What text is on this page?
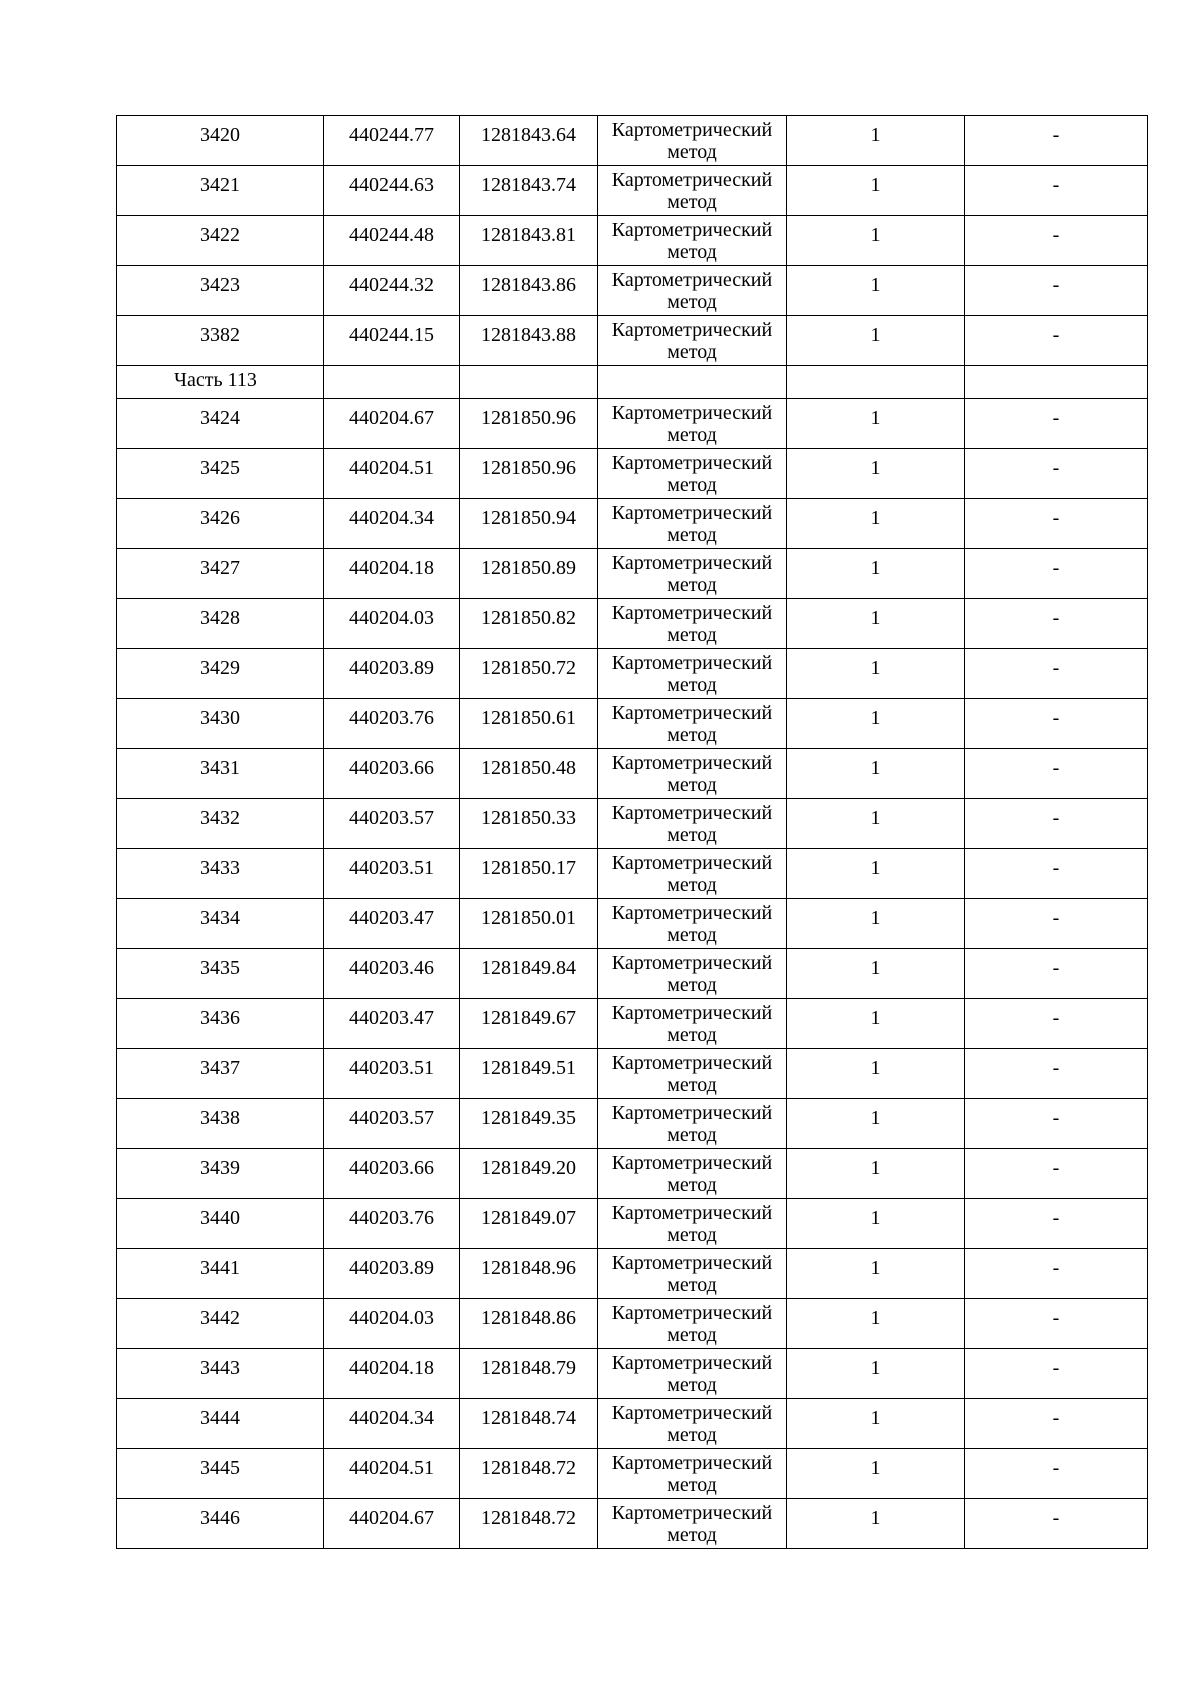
3420	440244.77	1281843.64	Картометрический
метод	1	-

3421	440244.63	1281843.74	Картометрический
метод	1	-

3422	440244.48	1281843.81	Картометрический
метод	1	-

3423	440244.32	1281843.86	Картометрический
метод	1	-

3382	440244.15	1281843.88	Картометрический
метод	1	-

Часть 113					

3424	440204.67	1281850.96	Картометрический
метод	1	-

3425	440204.51	1281850.96	Картометрический
метод	1	-

3426	440204.34	1281850.94	Картометрический
метод	1	-

3427	440204.18	1281850.89	Картометрический
метод	1	-

3428	440204.03	1281850.82	Картометрический
метод	1	-

3429	440203.89	1281850.72	Картометрический
метод	1	-

3430	440203.76	1281850.61	Картометрический
метод	1	-

3431	440203.66	1281850.48	Картометрический
метод	1	-

3432	440203.57	1281850.33	Картометрический
метод	1	-

3433	440203.51	1281850.17	Картометрический
метод	1	-

3434	440203.47	1281850.01	Картометрический
метод	1	-

3435	440203.46	1281849.84	Картометрический
метод	1	-

3436	440203.47	1281849.67	Картометрический
метод	1	-

3437	440203.51	1281849.51	Картометрический
метод	1	-

3438	440203.57	1281849.35	Картометрический
метод	1	-

3439	440203.66	1281849.20	Картометрический
метод	1	-

3440	440203.76	1281849.07	Картометрический
метод	1	-

3441	440203.89	1281848.96	Картометрический
метод	1	-

3442	440204.03	1281848.86	Картометрический
метод	1	-

3443	440204.18	1281848.79	Картометрический
метод	1	-

3444	440204.34	1281848.74	Картометрический
метод	1	-

3445	440204.51	1281848.72	Картометрический
метод	1	-

3446	440204.67	1281848.72	Картометрический
метод	1	-
